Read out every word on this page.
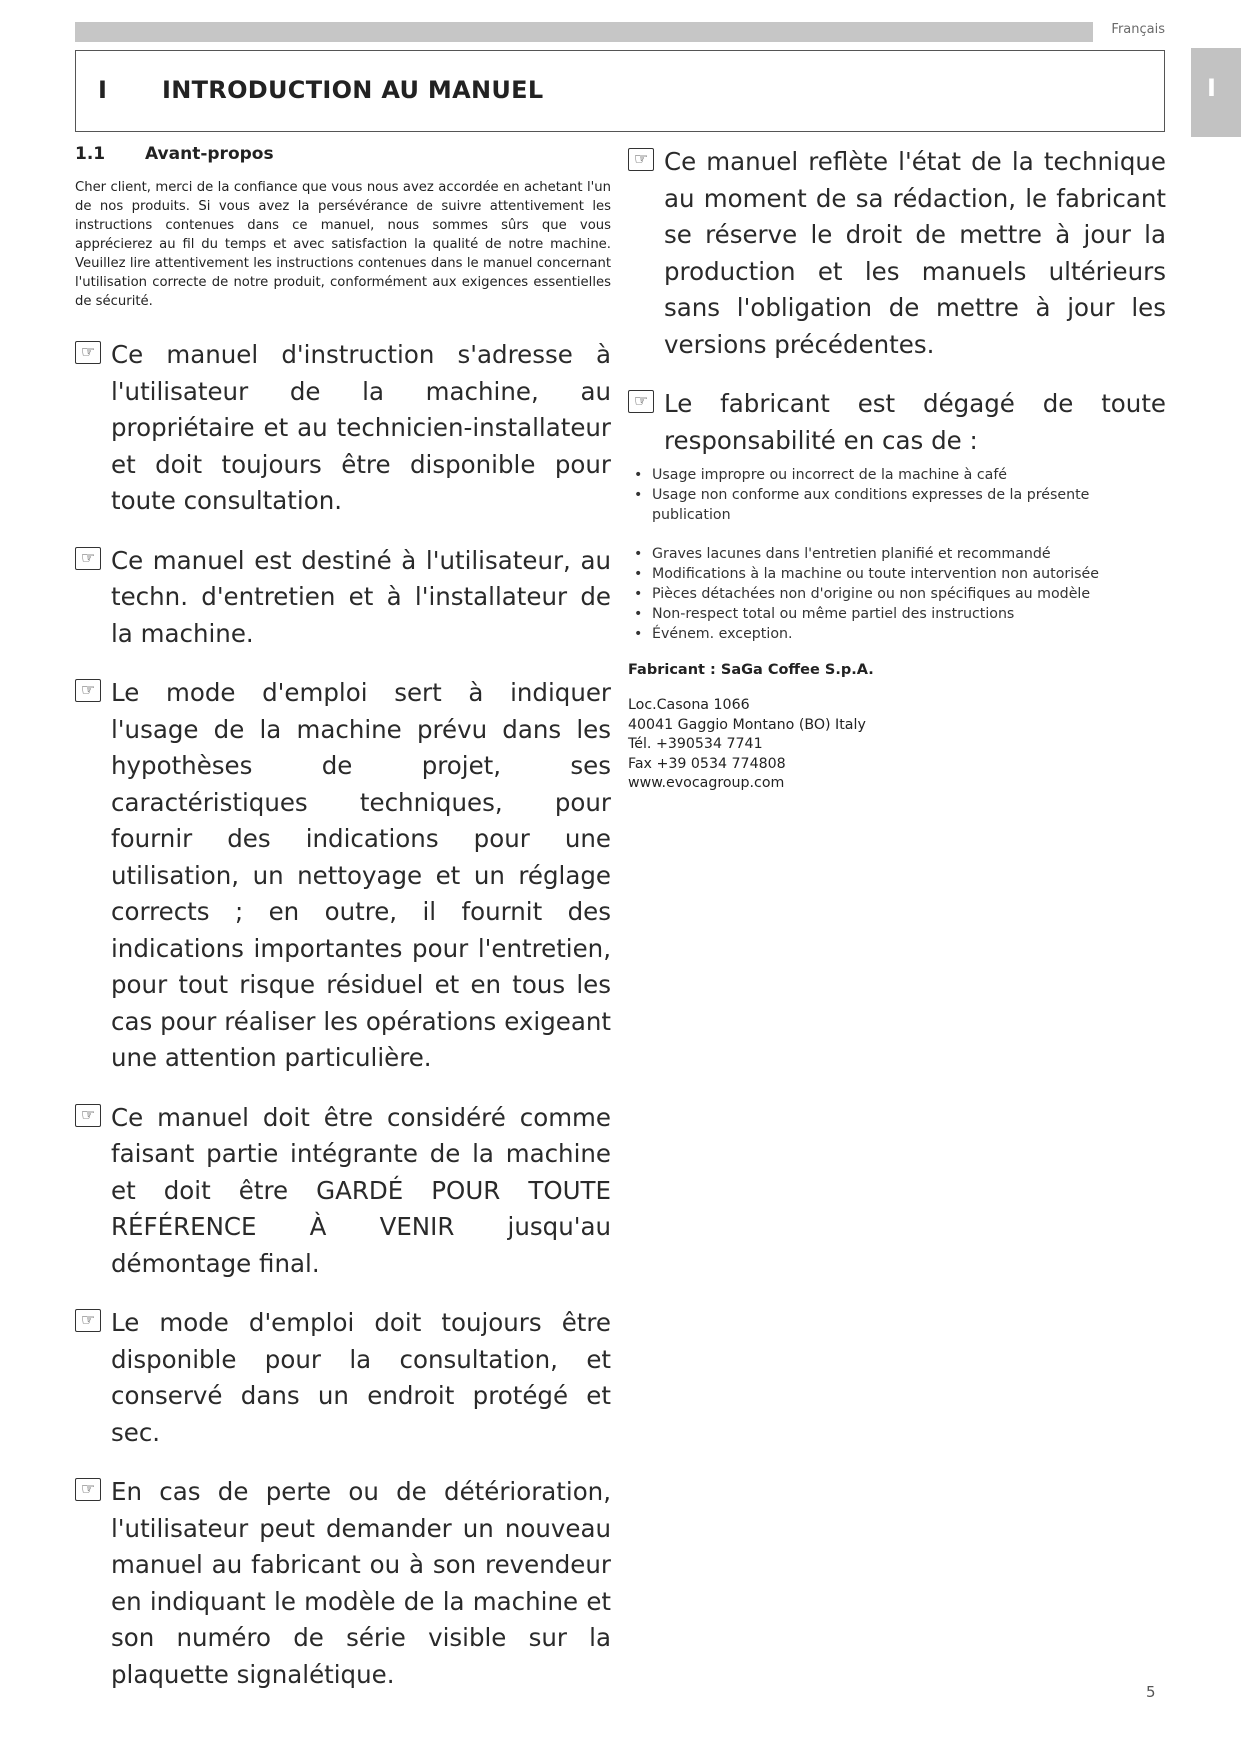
Français
I
I INTRODUCTION AU MANUEL
1.1	Avant-propos

Cher client, merci de la confiance que vous nous avez accordée en achetant l'un de nos produits. Si vous avez la persévérance de suivre attentivement les instructions contenues dans ce manuel, nous sommes sûrs que vous apprécierez au fil du temps et avec satisfaction la qualité de notre machine. Veuillez lire attentivement les instructions contenues dans le manuel concernant l'utilisation correcte de notre produit, conformément aux exigences essentielles de sécurité.

☞ Ce manuel d'instruction s'adresse à l'utilisateur de la machine, au propriétaire et au technicien-installateur et doit toujours être disponible pour toute consultation.
☞ Ce manuel est destiné à l'utilisateur, au techn. d'entretien et à l'installateur de la machine.
☞ Le mode d'emploi sert à indiquer l'usage de la machine prévu dans les hypothèses de projet, ses caractéristiques techniques, pour fournir des indications pour une utilisation, un nettoyage et un réglage corrects ; en outre, il fournit des indications importantes pour l'entretien, pour tout risque résiduel et en tous les cas pour réaliser les opérations exigeant une attention particulière.
☞ Ce manuel doit être considéré comme faisant partie intégrante de la machine et doit être GARDÉ POUR TOUTE RÉFÉRENCE À VENIR jusqu'au démontage final.
☞ Le mode d'emploi doit toujours être disponible pour la consultation, et conservé dans un endroit protégé et sec.
☞ En cas de perte ou de détérioration, l'utilisateur peut demander un nouveau manuel au fabricant ou à son revendeur en indiquant le modèle de la machine et son numéro de série visible sur la plaquette signalétique.
☞ Ce manuel reflète l'état de la technique au moment de sa rédaction, le fabricant se réserve le droit de mettre à jour la production et les manuels ultérieurs sans l'obligation de mettre à jour les versions précédentes.
☞ Le fabricant est dégagé de toute responsabilité en cas de :
• Usage impropre ou incorrect de la machine à café
• Usage non conforme aux conditions expresses de la présente publication
• Graves lacunes dans l'entretien planifié et recommandé
• Modifications à la machine ou toute intervention non autorisée
• Pièces détachées non d'origine ou non spécifiques au modèle
• Non-respect total ou même partiel des instructions
• Événem. exception.
Fabricant : SaGa Coffee S.p.A.
Loc.Casona 1066
40041 Gaggio Montano (BO) Italy
Tél. +390534 7741
Fax +39 0534 774808
www.evocagroup.com
5
